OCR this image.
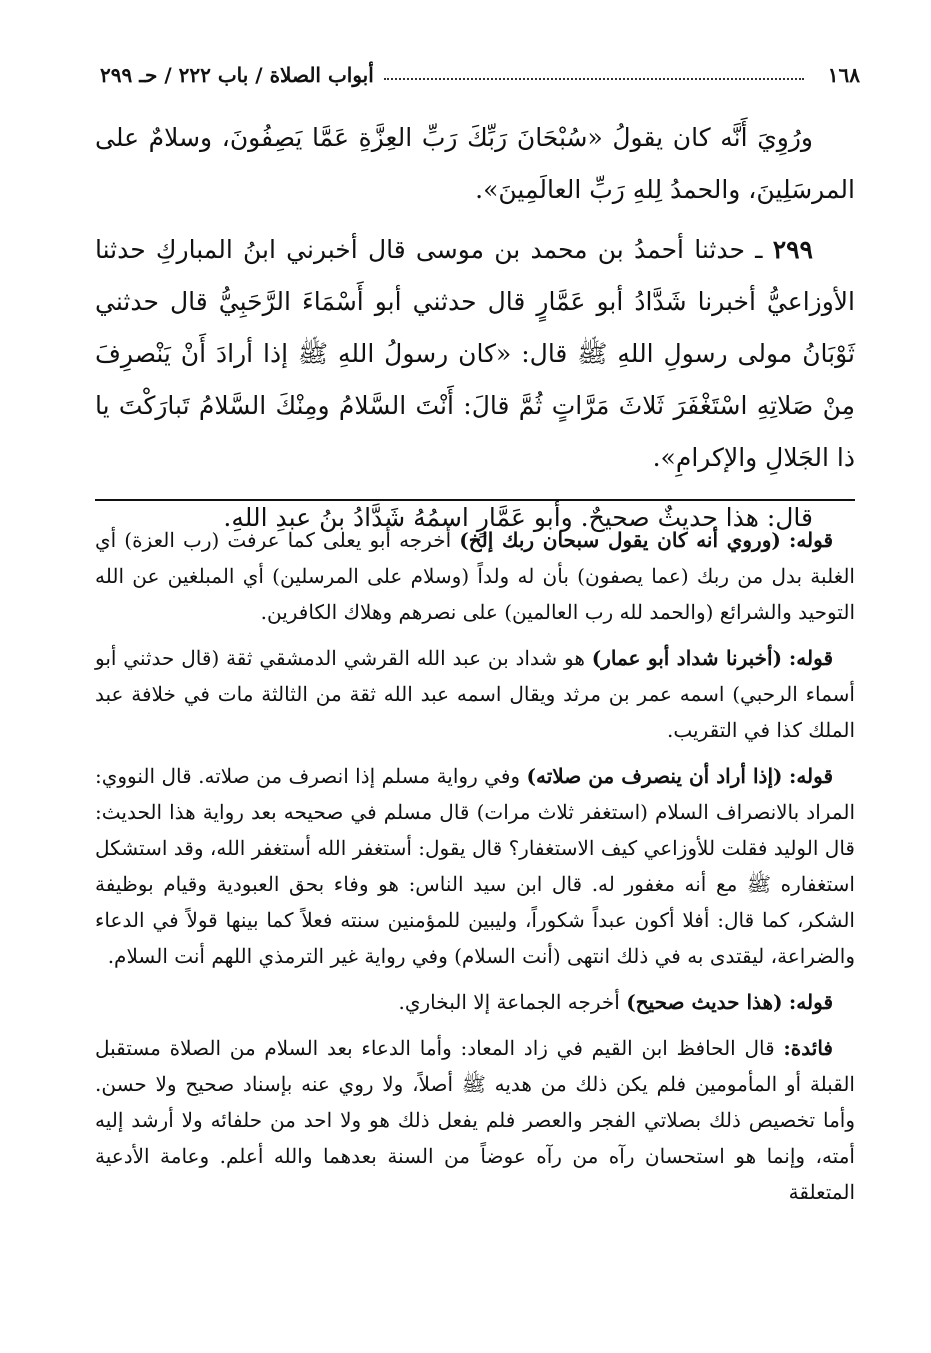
١٦٨
أبواب الصلاة / باب ٢٢٢ / حـ ٢٩٩

ورُوِيَ أَنَّه كان يقولُ «سُبْحَانَ رَبِّكَ رَبِّ العِزَّةِ عَمَّا يَصِفُونَ، وسلامٌ على المرسَلِينَ، والحمدُ لِلهِ رَبِّ العالَمِينَ».

٢٩٩ ـ حدثنا أحمدُ بن محمد بن موسى قال أخبرني ابنُ المباركِ حدثنا الأوزاعيُّ أخبرنا شَدَّادُ أبو عَمَّارٍ قال حدثني أبو أَسْمَاءَ الرَّحَبِيُّ قال حدثني ثَوْبَانُ مولى رسولِ اللهِ ﷺ قال: «كان رسولُ اللهِ ﷺ إذا أرادَ أَنْ يَنْصرِفَ مِنْ صَلاتِهِ اسْتَغْفَرَ ثَلاثَ مَرَّاتٍ ثُمَّ قالَ: أَنْتَ السَّلامُ ومِنْكَ السَّلامُ تَبارَكْتَ يا ذا الجَلالِ والإكرامِ».

قال: هذا حديثٌ صحيحٌ. وأبو عَمَّارٍ اسمُهُ شَدَّادُ بنُ عبدِ اللهِ.

قوله: (وروي أنه كان يقول سبحان ربك إلخ) أخرجه أبو يعلى كما عرفت (رب العزة) أي الغلبة بدل من ربك (عما يصفون) بأن له ولداً (وسلام على المرسلين) أي المبلغين عن الله التوحيد والشرائع (والحمد لله رب العالمين) على نصرهم وهلاك الكافرين.

قوله: (أخبرنا شداد أبو عمار) هو شداد بن عبد الله القرشي الدمشقي ثقة (قال حدثني أبو أسماء الرحبي) اسمه عمر بن مرثد ويقال اسمه عبد الله ثقة من الثالثة مات في خلافة عبد الملك كذا في التقريب.

قوله: (إذا أراد أن ينصرف من صلاته) وفي رواية مسلم إذا انصرف من صلاته. قال النووي: المراد بالانصراف السلام (استغفر ثلاث مرات) قال مسلم في صحيحه بعد رواية هذا الحديث: قال الوليد فقلت للأوزاعي كيف الاستغفار؟ قال يقول: أستغفر الله أستغفر الله، وقد استشكل استغفاره ﷺ مع أنه مغفور له. قال ابن سيد الناس: هو وفاء بحق العبودية وقيام بوظيفة الشكر، كما قال: أفلا أكون عبداً شكوراً، وليبين للمؤمنين سنته فعلاً كما بينها قولاً في الدعاء والضراعة، ليقتدى به في ذلك انتهى (أنت السلام) وفي رواية غير الترمذي اللهم أنت السلام.

قوله: (هذا حديث صحيح) أخرجه الجماعة إلا البخاري.

فائدة: قال الحافظ ابن القيم في زاد المعاد: وأما الدعاء بعد السلام من الصلاة مستقبل القبلة أو المأمومين فلم يكن ذلك من هديه ﷺ أصلاً، ولا روي عنه بإسناد صحيح ولا حسن. وأما تخصيص ذلك بصلاتي الفجر والعصر فلم يفعل ذلك هو ولا احد من حلفائه ولا أرشد إليه أمته، وإنما هو استحسان رآه من رآه عوضاً من السنة بعدهما والله أعلم. وعامة الأدعية المتعلقة
